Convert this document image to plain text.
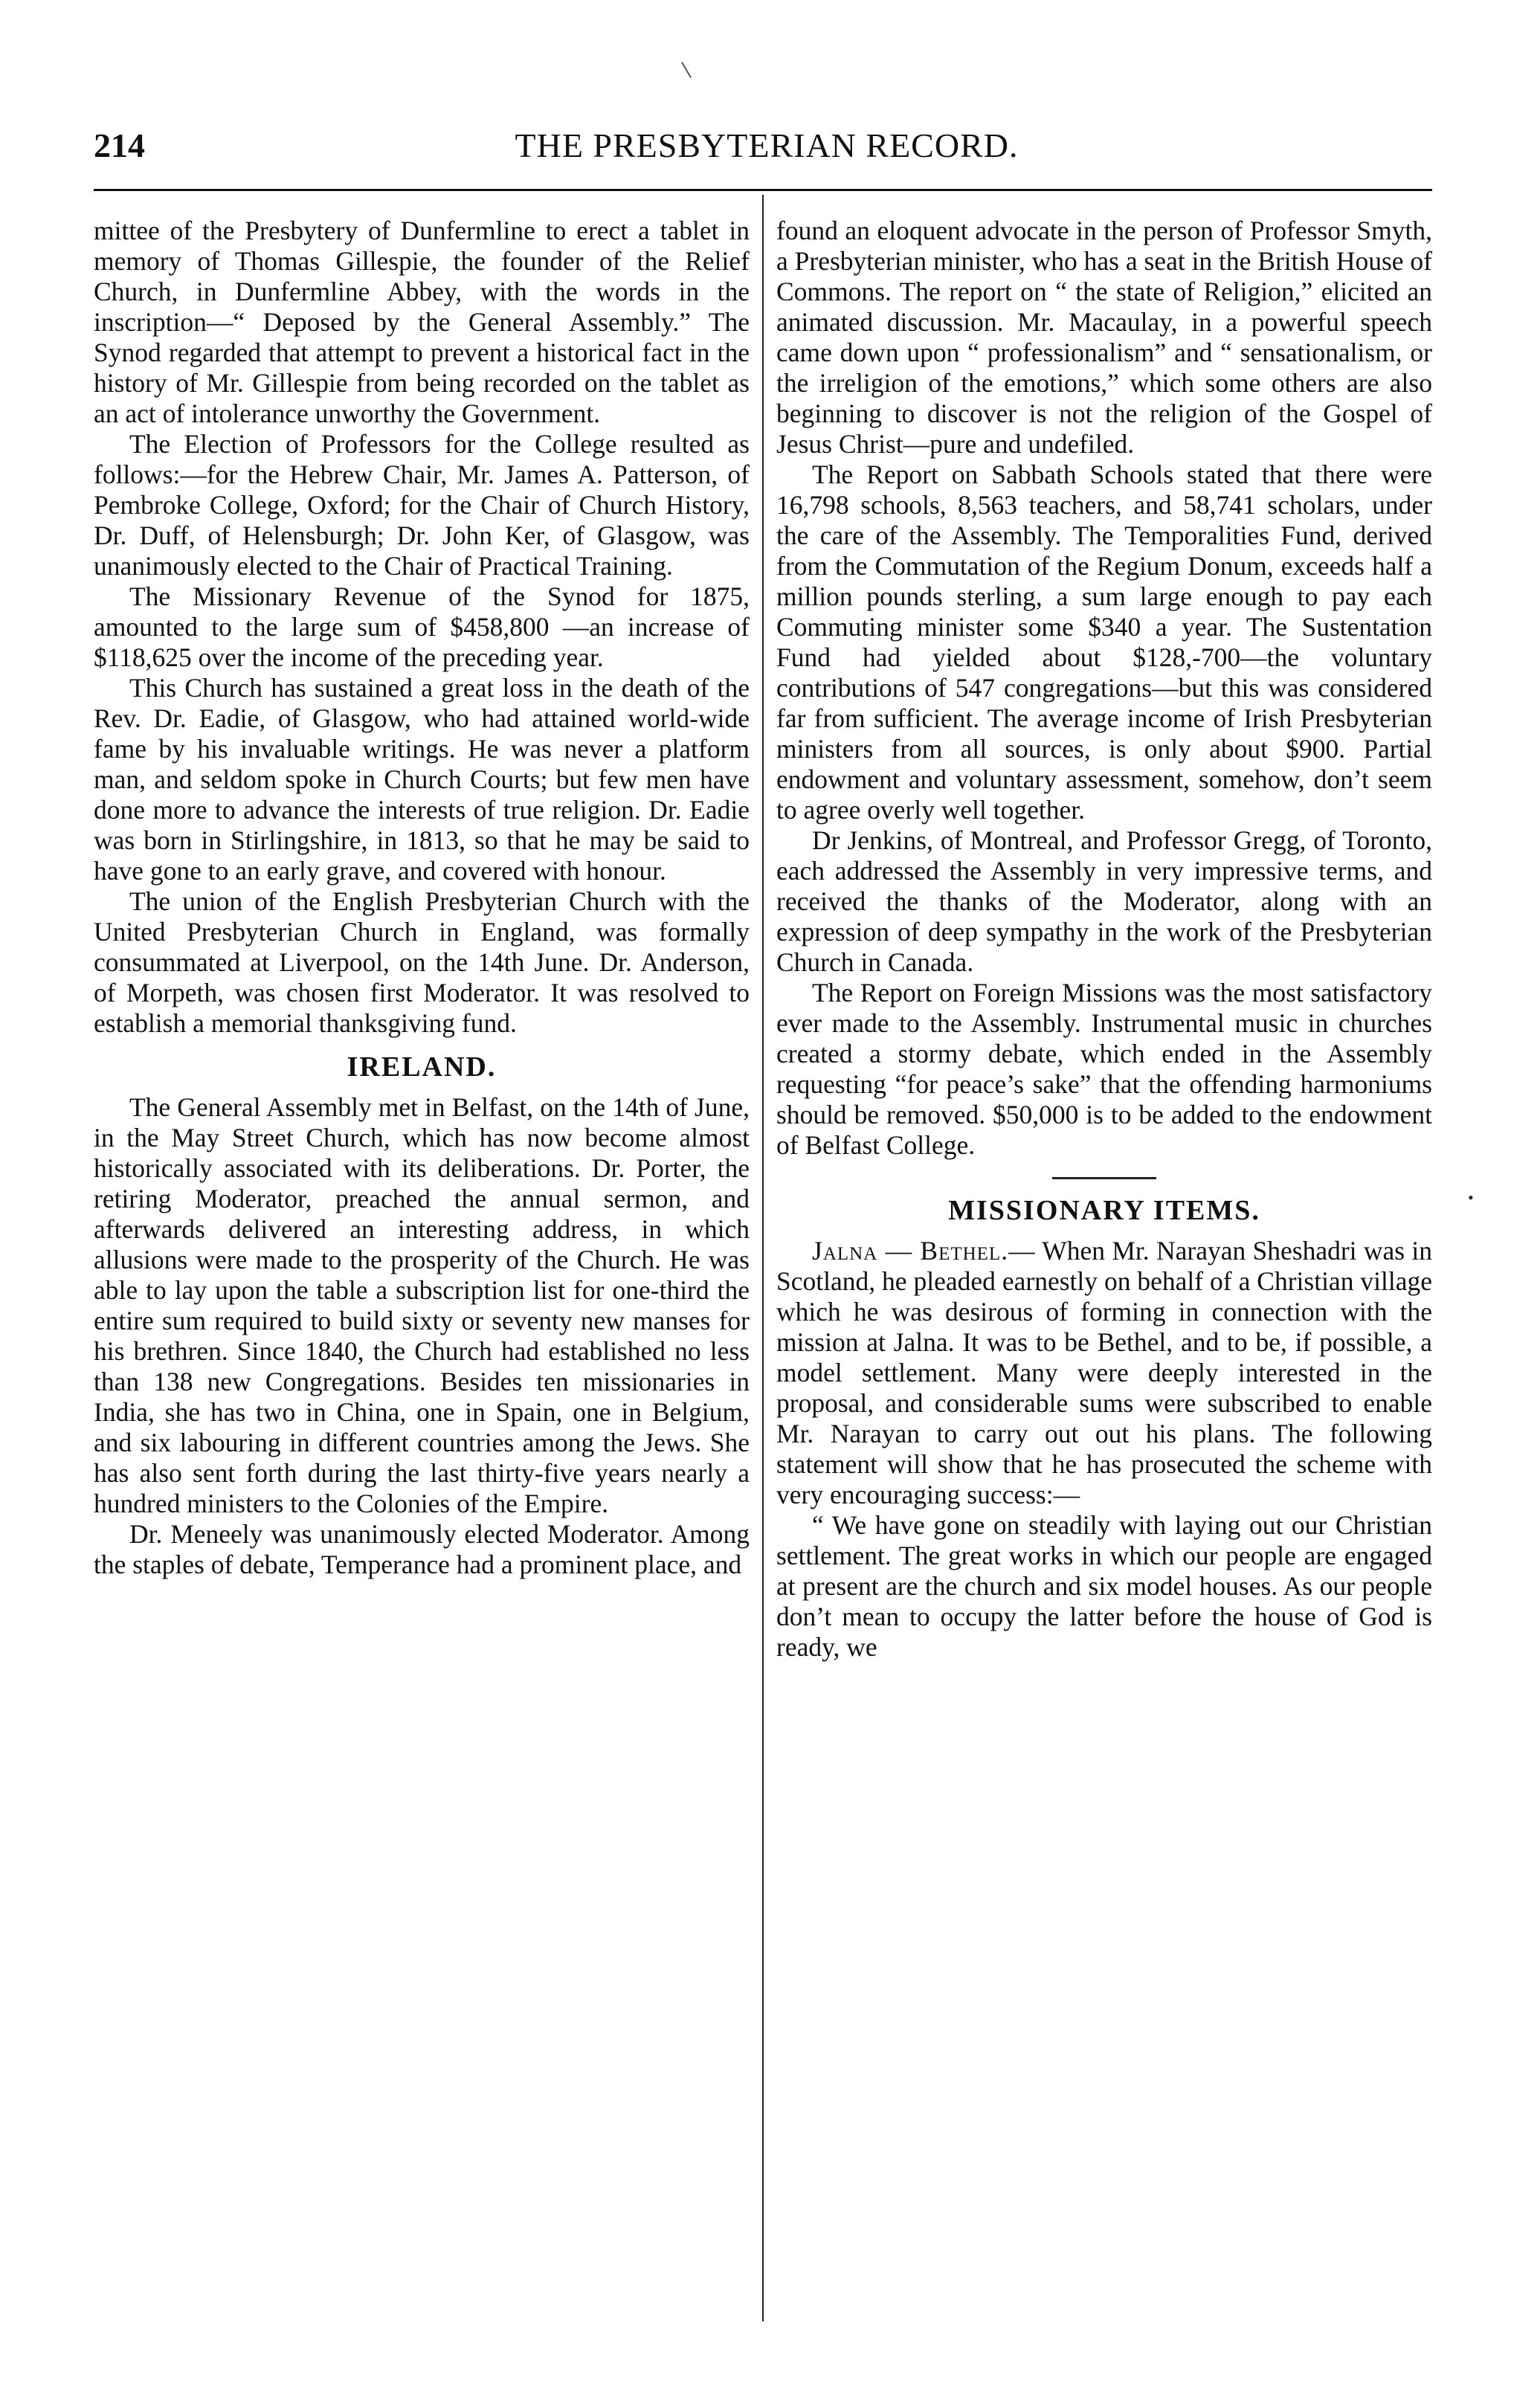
214	THE PRESBYTERIAN RECORD.

mittee of the Presbytery of Dunfermline to erect a tablet in memory of Thomas Gillespie, the founder of the Relief Church, in Dunfermline Abbey, with the words in the inscription—“ Deposed by the General Assembly.” The Synod regarded that attempt to prevent a historical fact in the history of Mr. Gillespie from being recorded on the tablet as an act of intolerance unworthy the Government.

The Election of Professors for the College resulted as follows:—for the Hebrew Chair, Mr. James A. Patterson, of Pembroke College, Oxford; for the Chair of Church History, Dr. Duff, of Helensburgh; Dr. John Ker, of Glasgow, was unanimously elected to the Chair of Practical Training.

The Missionary Revenue of the Synod for 1875, amounted to the large sum of $458,800 —an increase of $118,625 over the income of the preceding year.

This Church has sustained a great loss in the death of the Rev. Dr. Eadie, of Glasgow, who had attained world-wide fame by his invaluable writings. He was never a platform man, and seldom spoke in Church Courts; but few men have done more to advance the interests of true religion. Dr. Eadie was born in Stirlingshire, in 1813, so that he may be said to have gone to an early grave, and covered with honour.

The union of the English Presbyterian Church with the United Presbyterian Church in England, was formally consummated at Liverpool, on the 14th June. Dr. Anderson, of Morpeth, was chosen first Moderator. It was resolved to establish a memorial thanksgiving fund.

IRELAND.

The General Assembly met in Belfast, on the 14th of June, in the May Street Church, which has now become almost historically associated with its deliberations. Dr. Porter, the retiring Moderator, preached the annual sermon, and afterwards delivered an interesting address, in which allusions were made to the prosperity of the Church. He was able to lay upon the table a subscription list for one-third the entire sum required to build sixty or seventy new manses for his brethren. Since 1840, the Church had established no less than 138 new Congregations. Besides ten missionaries in India, she has two in China, one in Spain, one in Belgium, and six labouring in different countries among the Jews. She has also sent forth during the last thirty-five years nearly a hundred ministers to the Colonies of the Empire.

Dr. Meneely was unanimously elected Moderator. Among the staples of debate, Temperance had a prominent place, and

found an eloquent advocate in the person of Professor Smyth, a Presbyterian minister, who has a seat in the British House of Commons. The report on “ the state of Religion,” elicited an animated discussion. Mr. Macaulay, in a powerful speech came down upon “ professionalism” and “ sensationalism, or the irreligion of the emotions,” which some others are also beginning to discover is not the religion of the Gospel of Jesus Christ—pure and undefiled.

The Report on Sabbath Schools stated that there were 16,798 schools, 8,563 teachers, and 58,741 scholars, under the care of the Assembly. The Temporalities Fund, derived from the Commutation of the Regium Donum, exceeds half a million pounds sterling, a sum large enough to pay each Commuting minister some $340 a year. The Sustentation Fund had yielded about $128,-700—the voluntary contributions of 547 congregations—but this was considered far from sufficient. The average income of Irish Presbyterian ministers from all sources, is only about $900. Partial endowment and voluntary assessment, somehow, don’t seem to agree overly well together.

Dr Jenkins, of Montreal, and Professor Gregg, of Toronto, each addressed the Assembly in very impressive terms, and received the thanks of the Moderator, along with an expression of deep sympathy in the work of the Presbyterian Church in Canada.

The Report on Foreign Missions was the most satisfactory ever made to the Assembly. Instrumental music in churches created a stormy debate, which ended in the Assembly requesting “for peace’s sake” that the offending harmoniums should be removed. $50,000 is to be added to the endowment of Belfast College.

MISSIONARY ITEMS.

Jalna — Bethel.— When Mr. Narayan Sheshadri was in Scotland, he pleaded earnestly on behalf of a Christian village which he was desirous of forming in connection with the mission at Jalna. It was to be Bethel, and to be, if possible, a model settlement. Many were deeply interested in the proposal, and considerable sums were subscribed to enable Mr. Narayan to carry out out his plans. The following statement will show that he has prosecuted the scheme with very encouraging success:—

“ We have gone on steadily with laying out our Christian settlement. The great works in which our people are engaged at present are the church and six model houses. As our people don’t mean to occupy the latter before the house of God is ready, we

•
